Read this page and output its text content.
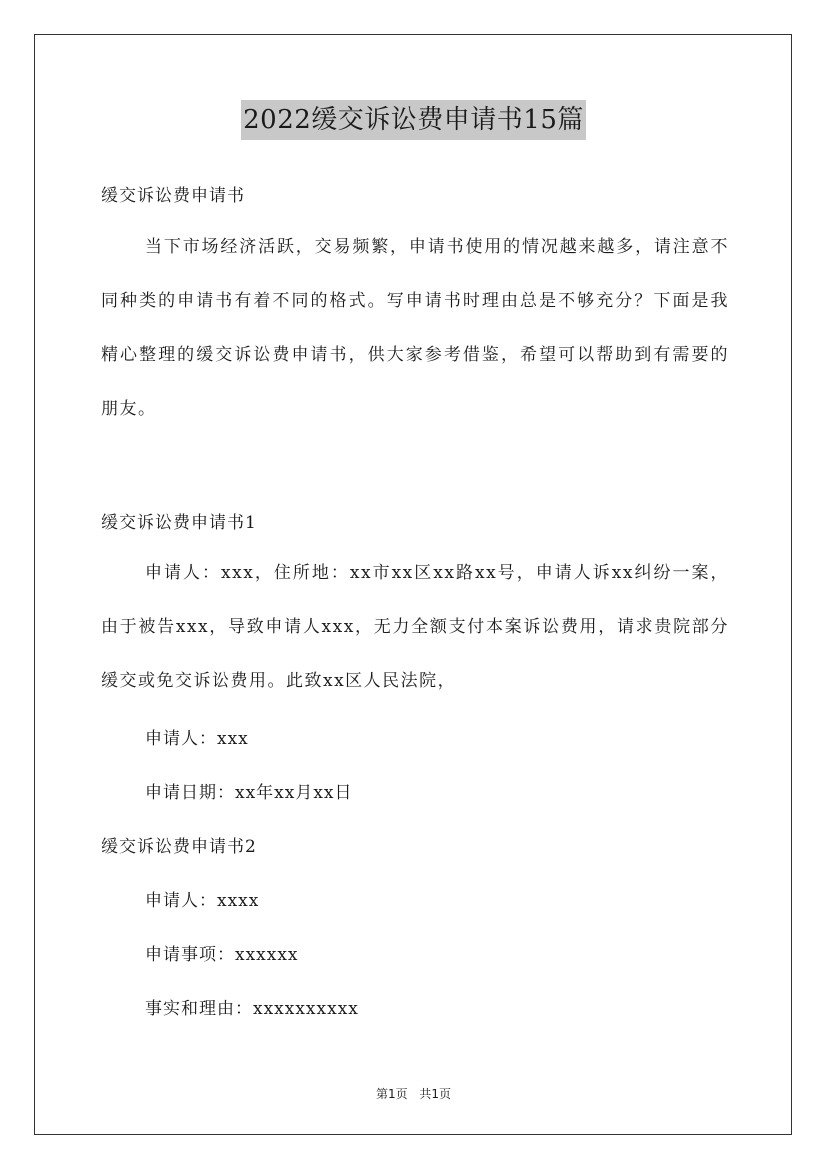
2022缓交诉讼费申请书15篇
缓交诉讼费申请书
当下市场经济活跃，交易频繁，申请书使用的情况越来越多，请注意不同种类的申请书有着不同的格式。写申请书时理由总是不够充分？下面是我精心整理的缓交诉讼费申请书，供大家参考借鉴，希望可以帮助到有需要的朋友。
缓交诉讼费申请书1
申请人：xxx，住所地：xx市xx区xx路xx号，申请人诉xx纠纷一案，由于被告xxx，导致申请人xxx，无力全额支付本案诉讼费用，请求贵院部分缓交或免交诉讼费用。此致xx区人民法院，
申请人：xxx
申请日期：xx年xx月xx日
缓交诉讼费申请书2
申请人：xxxx
申请事项：xxxxxx
事实和理由：xxxxxxxxxx
第1页 共1页
